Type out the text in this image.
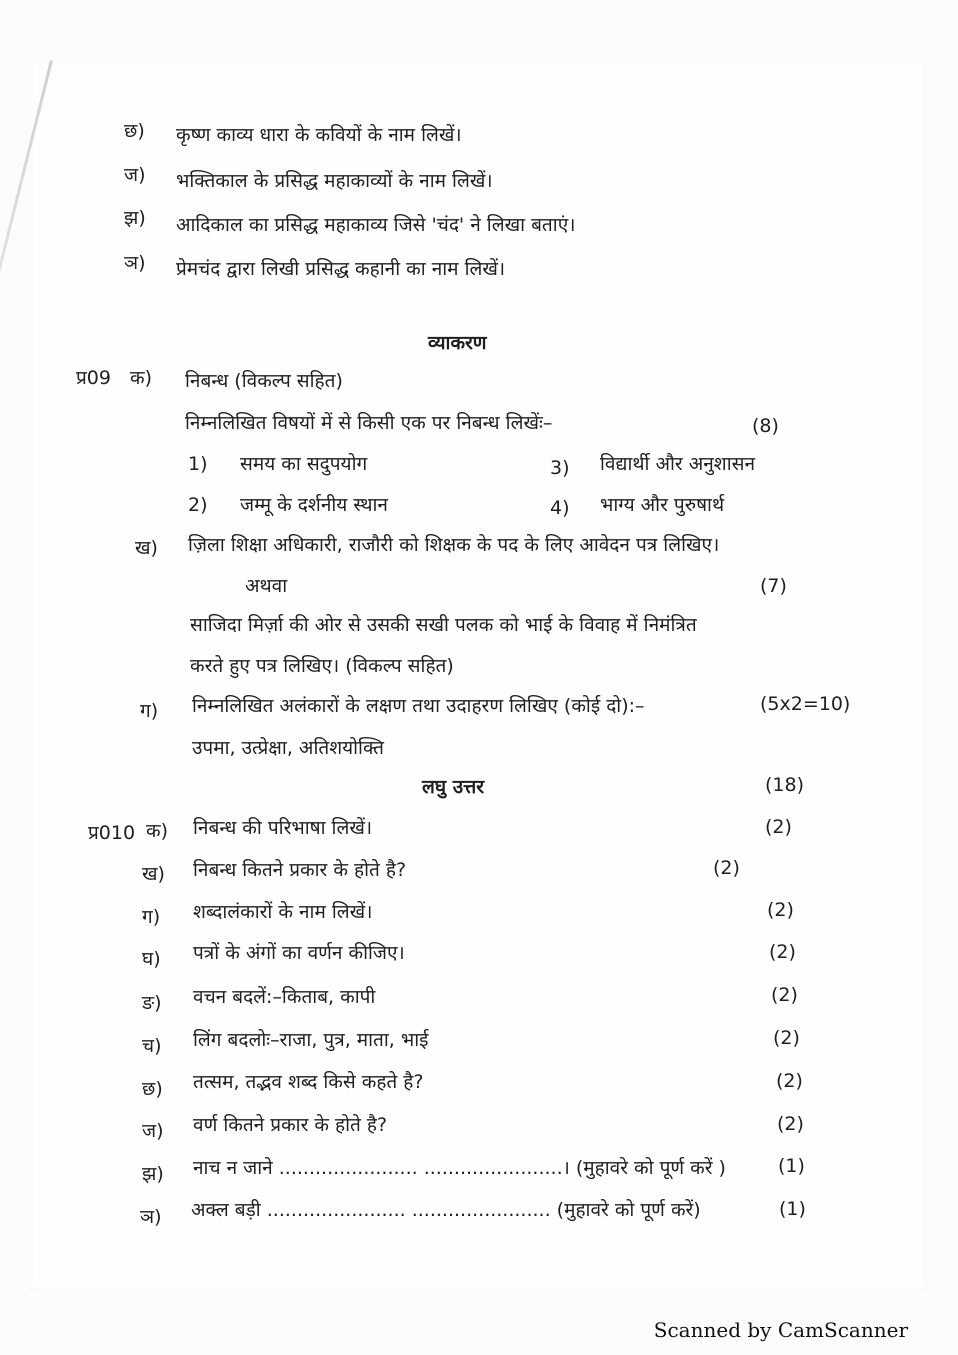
छ) कृष्ण काव्य धारा के कवियों के नाम लिखें।
ज) भक्तिकाल के प्रसिद्ध महाकाव्यों के नाम लिखें।
झ) आदिकाल का प्रसिद्ध महाकाव्य जिसे 'चंद' ने लिखा बताएं।
ञ) प्रेमचंद द्वारा लिखी प्रसिद्ध कहानी का नाम लिखें।
व्याकरण
प्र09 क) निबन्ध (विकल्प सहित)
निम्नलिखित विषयों में से किसी एक पर निबन्ध लिखेंः–	(8)
1) समय का सदुपयोग	3) विद्यार्थी और अनुशासन
2) जम्मू के दर्शनीय स्थान	4) भाग्य और पुरुषार्थ
ख) ज़िला शिक्षा अधिकारी, राजौरी को शिक्षक के पद के लिए आवेदन पत्र लिखिए।
अथवा	(7)
साजिदा मिर्ज़ा की ओर से उसकी सखी पलक को भाई के विवाह में निमंत्रित
करते हुए पत्र लिखिए। (विकल्प सहित)
ग) निम्नलिखित अलंकारों के लक्षण तथा उदाहरण लिखिए (कोई दो):–	(5x2=10)
उपमा, उत्प्रेक्षा, अतिशयोक्ति
लघु उत्तर	(18)
प्र010 क) निबन्ध की परिभाषा लिखें।	(2)
ख) निबन्ध कितने प्रकार के होते है?	(2)
ग) शब्दालंकारों के नाम लिखें।	(2)
घ) पत्रों के अंगों का वर्णन कीजिए।	(2)
ङ) वचन बदलें:–किताब, कापी	(2)
च) लिंग बदलोः–राजा, पुत्र, माता, भाई	(2)
छ) तत्सम, तद्भव शब्द किसे कहते है?	(2)
ज) वर्ण कितने प्रकार के होते है?	(2)
झ) नाच न जाने ....................... .......................। (मुहावरे को पूर्ण करें )	(1)
ञ) अक्ल बड़ी ....................... ....................... (मुहावरे को पूर्ण करें)	(1)
Scanned by CamScanner
